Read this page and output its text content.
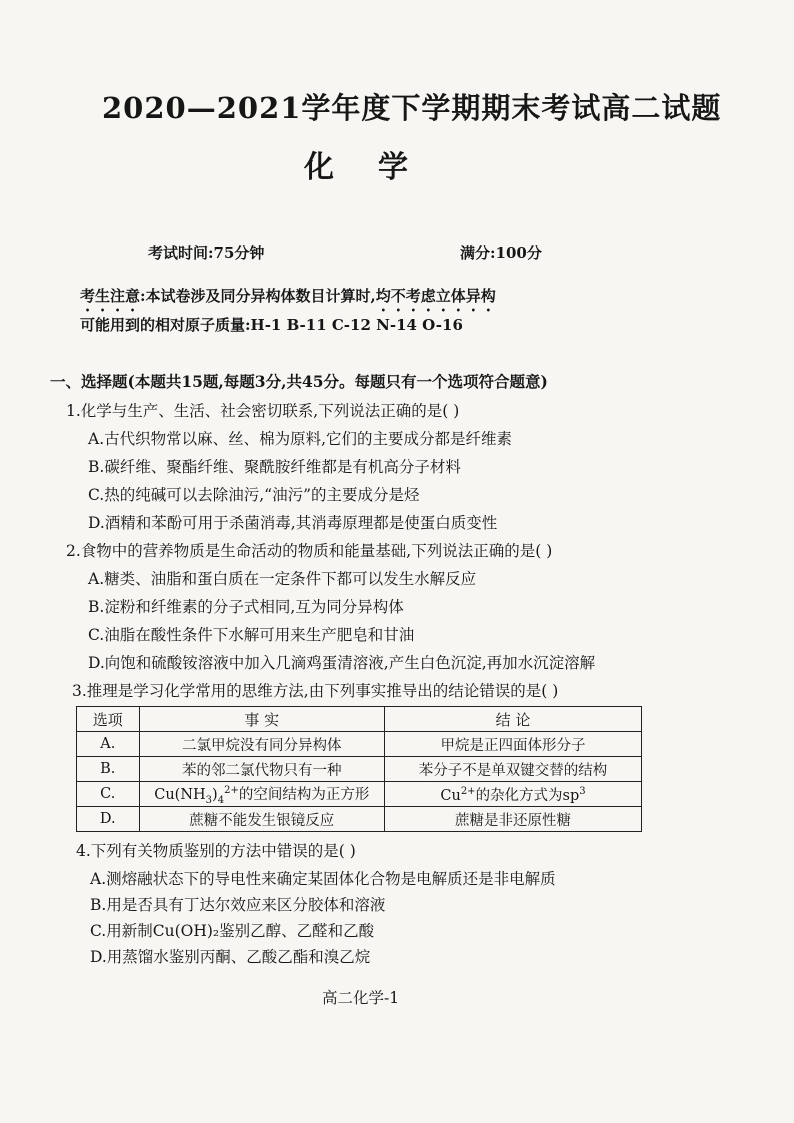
2020—2021学年度下学期期末考试高二试题
化学
考试时间:75分钟	满分:100分
考生注意:本试卷涉及同分异构体数目计算时,均不考虑立体异构
可能用到的相对原子质量:H-1 B-11 C-12 N-14 O-16
一、选择题(本题共15题,每题3分,共45分。每题只有一个选项符合题意)
1.化学与生产、生活、社会密切联系,下列说法正确的是( )
A.古代织物常以麻、丝、棉为原料,它们的主要成分都是纤维素
B.碳纤维、聚酯纤维、聚酰胺纤维都是有机高分子材料
C.热的纯碱可以去除油污,“油污”的主要成分是烃
D.酒精和苯酚可用于杀菌消毒,其消毒原理都是使蛋白质变性
2.食物中的营养物质是生命活动的物质和能量基础,下列说法正确的是( )
A.糖类、油脂和蛋白质在一定条件下都可以发生水解反应
B.淀粉和纤维素的分子式相同,互为同分异构体
C.油脂在酸性条件下水解可用来生产肥皂和甘油
D.向饱和硫酸铵溶液中加入几滴鸡蛋清溶液,产生白色沉淀,再加水沉淀溶解
3.推理是学习化学常用的思维方法,由下列事实推导出的结论错误的是( )
选项	事 实	结 论
A.	二氯甲烷没有同分异构体	甲烷是正四面体形分子
B.	苯的邻二氯代物只有一种	苯分子不是单双键交替的结构
C.	$Cu(NH_3)_4^{2+}$的空间结构为正方形	$Cu^{2+}$的杂化方式为$sp^3$
D.	蔗糖不能发生银镜反应	蔗糖是非还原性糖
4.下列有关物质鉴别的方法中错误的是( )
A.测熔融状态下的导电性来确定某固体化合物是电解质还是非电解质
B.用是否具有丁达尔效应来区分胶体和溶液
C.用新制Cu(OH)₂鉴别乙醇、乙醛和乙酸
D.用蒸馏水鉴别丙酮、乙酸乙酯和溴乙烷
高二化学-1
